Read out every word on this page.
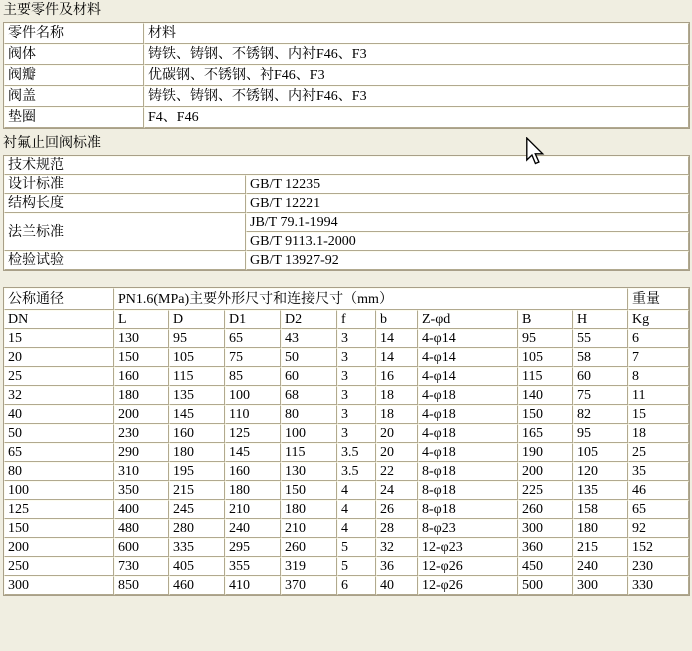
主要零件及材料
零件名称	材料
阀体	铸铁、铸钢、不锈钢、内衬F46、F3
阀瓣	优碳钢、不锈钢、衬F46、F3
阀盖	铸铁、铸钢、不锈钢、内衬F46、F3
垫圈	F4、F46
衬氟止回阀标准
技术规范	
设计标准	GB/T 12235
结构长度	GB/T 12221
法兰标准	JB/T 79.1-1994
	GB/T 9113.1-2000
检验试验	GB/T 13927-92
公称通径	PN1.6(MPa)主要外形尺寸和连接尺寸（mm）									重量
DN	L	D	D1	D2	f	b	Z-φd	B	H	Kg
15	130	95	65	43	3	14	4-φ14	95	55	6
20	150	105	75	50	3	14	4-φ14	105	58	7
25	160	115	85	60	3	16	4-φ14	115	60	8
32	180	135	100	68	3	18	4-φ18	140	75	11
40	200	145	110	80	3	18	4-φ18	150	82	15
50	230	160	125	100	3	20	4-φ18	165	95	18
65	290	180	145	115	3.5	20	4-φ18	190	105	25
80	310	195	160	130	3.5	22	8-φ18	200	120	35
100	350	215	180	150	4	24	8-φ18	225	135	46
125	400	245	210	180	4	26	8-φ18	260	158	65
150	480	280	240	210	4	28	8-φ23	300	180	92
200	600	335	295	260	5	32	12-φ23	360	215	152
250	730	405	355	319	5	36	12-φ26	450	240	230
300	850	460	410	370	6	40	12-φ26	500	300	330
